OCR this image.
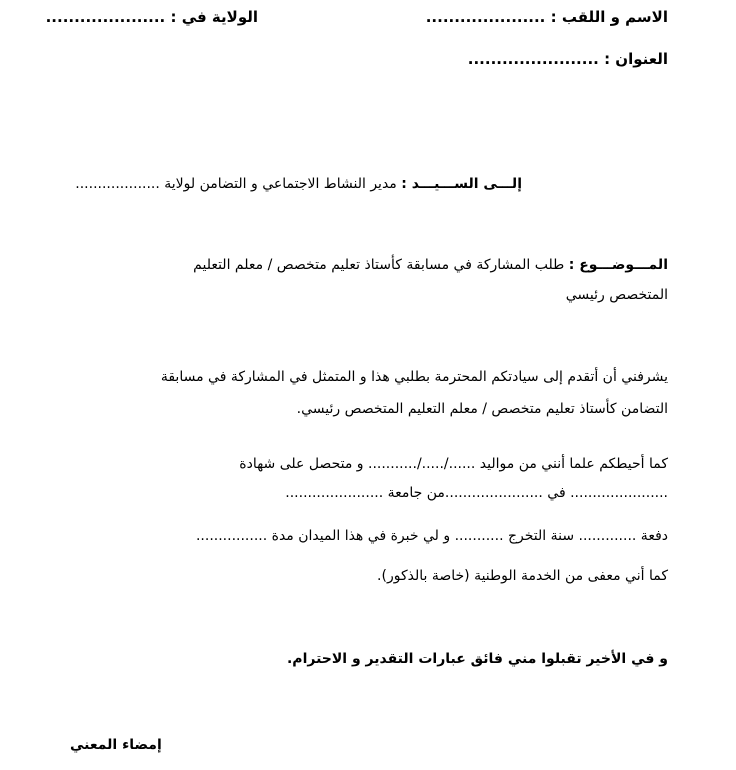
الاسم و اللقب : .....................
الولاية في : .....................
العنوان : .......................
إلـــى الســـيـــد : مدير النشاط الاجتماعي و التضامن لولاية ...................
المـــوضـــوع : طلب المشاركة في مسابقة كأستاذ تعليم متخصص / معلم التعليم
المتخصص رئيسي
يشرفني أن أتقدم إلى سيادتكم المحترمة بطلبي هذا و المتمثل في المشاركة في مسابقة
التضامن كأستاذ تعليم متخصص / معلم التعليم المتخصص رئيسي.
كما أحيطكم علما أنني من مواليد ....../...../........... و متحصل على شهادة
...................... في ......................من جامعة ......................
دفعة ............. سنة التخرج ........... و لي خبرة في هذا الميدان مدة ................
كما أني معفى من الخدمة الوطنية (خاصة بالذكور).
و في الأخير تقبلوا مني فائق عبارات التقدير و الاحترام.
إمضاء المعني
